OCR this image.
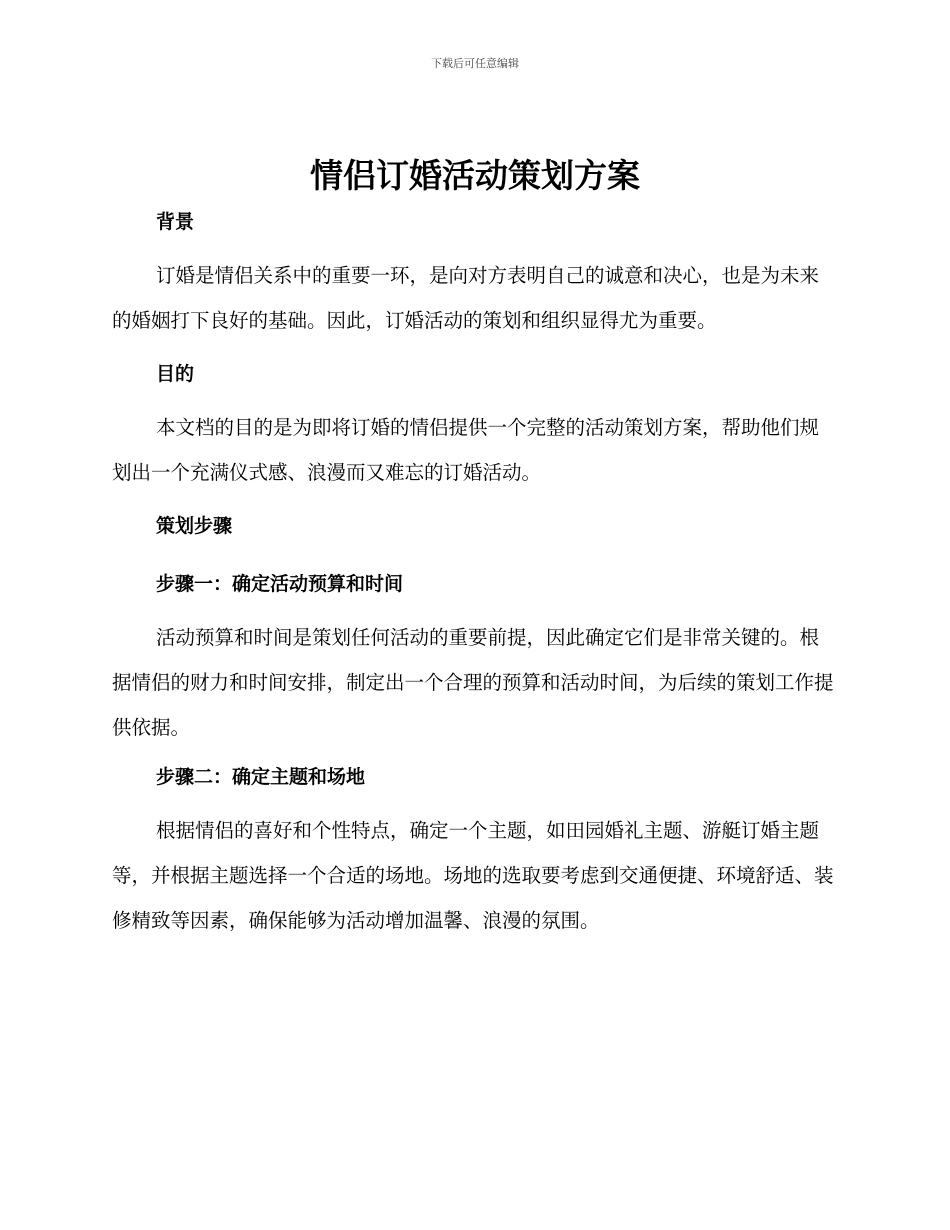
下载后可任意编辑
情侣订婚活动策划方案

背景

订婚是情侣关系中的重要一环，是向对方表明自己的诚意和决心，也是为未来的婚姻打下良好的基础。因此，订婚活动的策划和组织显得尤为重要。

目的

本文档的目的是为即将订婚的情侣提供一个完整的活动策划方案，帮助他们规划出一个充满仪式感、浪漫而又难忘的订婚活动。

策划步骤

步骤一：确定活动预算和时间

活动预算和时间是策划任何活动的重要前提，因此确定它们是非常关键的。根据情侣的财力和时间安排，制定出一个合理的预算和活动时间，为后续的策划工作提供依据。

步骤二：确定主题和场地

根据情侣的喜好和个性特点，确定一个主题，如田园婚礼主题、游艇订婚主题等，并根据主题选择一个合适的场地。场地的选取要考虑到交通便捷、环境舒适、装修精致等因素，确保能够为活动增加温馨、浪漫的氛围。
